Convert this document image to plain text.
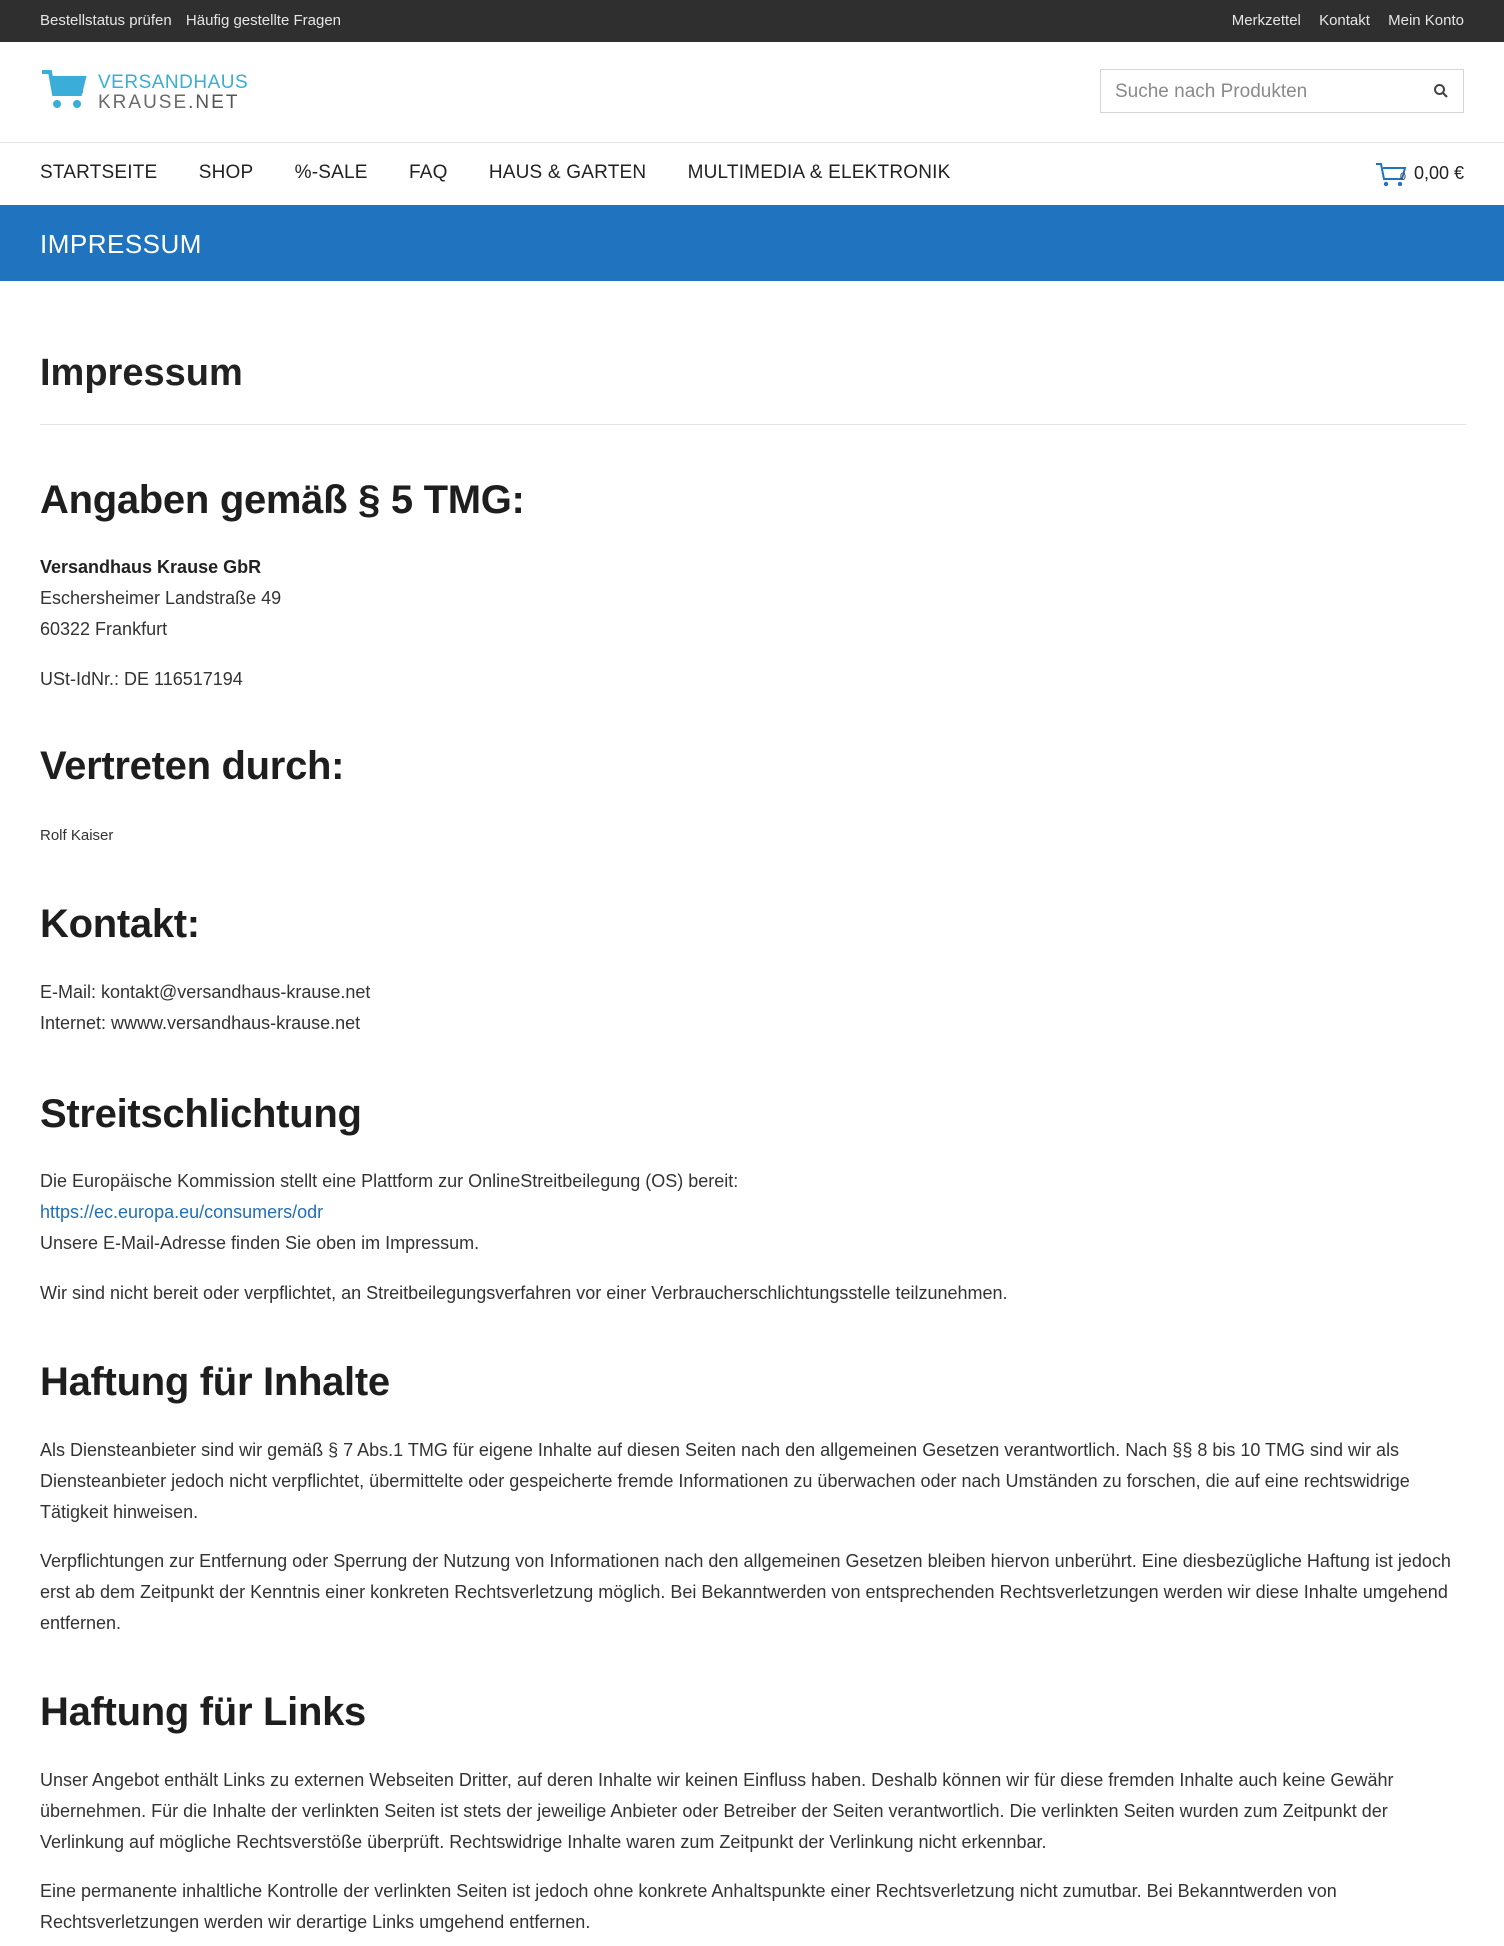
Bestellstatus prüfen Häufig gestellte Fragen	Merkzettel Kontakt Mein Konto
VERSANDHAUS
KRAUSE.NET
Suche nach Produkten
STARTSEITE SHOP %-SALE FAQ HAUS & GARTEN MULTIMEDIA & ELEKTRONIK	0 0,00 €
IMPRESSUM
Impressum
Angaben gemäß § 5 TMG:
Versandhaus Krause GbR
Eschersheimer Landstraße 49
60322 Frankfurt
USt-IdNr.: DE 116517194
Vertreten durch:
Rolf Kaiser
Kontakt:
E-Mail: kontakt@versandhaus-krause.net
Internet: wwww.versandhaus-krause.net
Streitschlichtung
Die Europäische Kommission stellt eine Plattform zur OnlineStreitbeilegung (OS) bereit:
https://ec.europa.eu/consumers/odr
Unsere E-Mail-Adresse finden Sie oben im Impressum.
Wir sind nicht bereit oder verpflichtet, an Streitbeilegungsverfahren vor einer Verbraucherschlichtungsstelle teilzunehmen.
Haftung für Inhalte
Als Diensteanbieter sind wir gemäß § 7 Abs.1 TMG für eigene Inhalte auf diesen Seiten nach den allgemeinen Gesetzen verantwortlich. Nach §§ 8 bis 10 TMG sind wir als Diensteanbieter jedoch nicht verpflichtet, übermittelte oder gespeicherte fremde Informationen zu überwachen oder nach Umständen zu forschen, die auf eine rechtswidrige Tätigkeit hinweisen.
Verpflichtungen zur Entfernung oder Sperrung der Nutzung von Informationen nach den allgemeinen Gesetzen bleiben hiervon unberührt. Eine diesbezügliche Haftung ist jedoch erst ab dem Zeitpunkt der Kenntnis einer konkreten Rechtsverletzung möglich. Bei Bekanntwerden von entsprechenden Rechtsverletzungen werden wir diese Inhalte umgehend entfernen.
Haftung für Links
Unser Angebot enthält Links zu externen Webseiten Dritter, auf deren Inhalte wir keinen Einfluss haben. Deshalb können wir für diese fremden Inhalte auch keine Gewähr übernehmen. Für die Inhalte der verlinkten Seiten ist stets der jeweilige Anbieter oder Betreiber der Seiten verantwortlich. Die verlinkten Seiten wurden zum Zeitpunkt der Verlinkung auf mögliche Rechtsverstöße überprüft. Rechtswidrige Inhalte waren zum Zeitpunkt der Verlinkung nicht erkennbar.
Eine permanente inhaltliche Kontrolle der verlinkten Seiten ist jedoch ohne konkrete Anhaltspunkte einer Rechtsverletzung nicht zumutbar. Bei Bekanntwerden von Rechtsverletzungen werden wir derartige Links umgehend entfernen.
